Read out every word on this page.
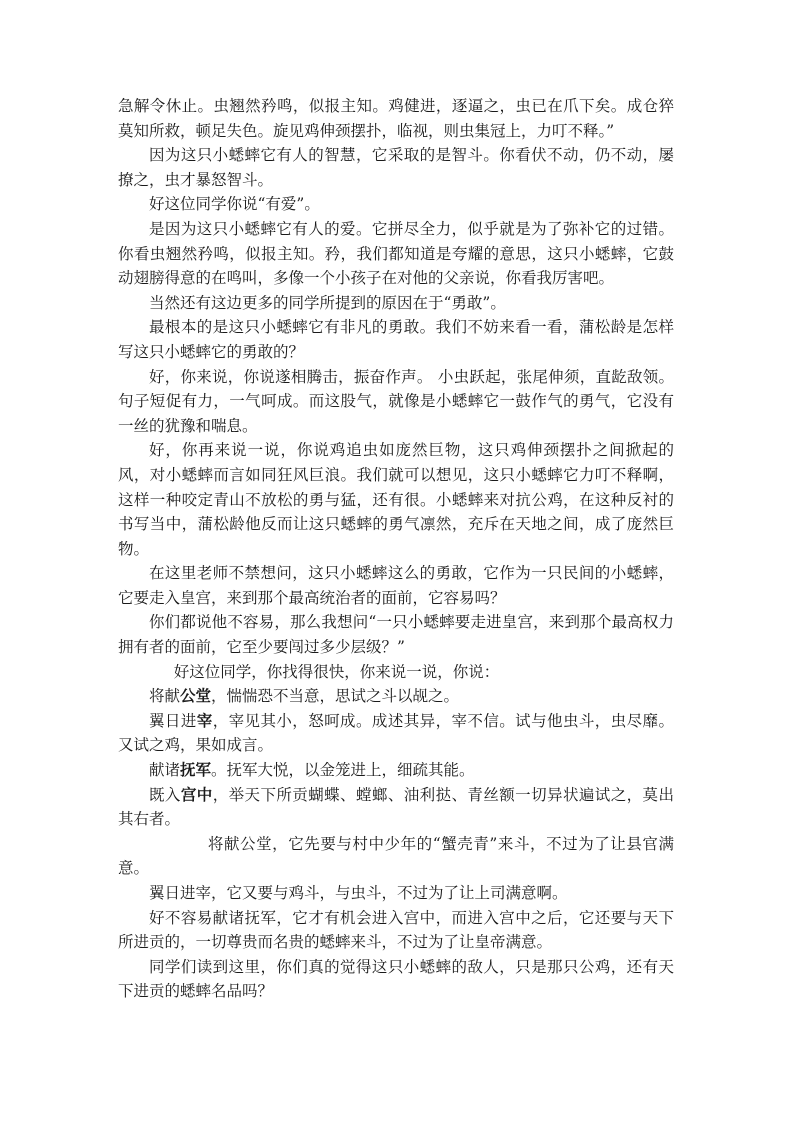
急解令休止。虫翘然矜鸣，似报主知。鸡健进，逐逼之，虫已在爪下矣。成仓猝莫知所救，顿足失色。旋见鸡伸颈摆扑，临视，则虫集冠上，力叮不释。”

因为这只小蟋蟀它有人的智慧，它采取的是智斗。你看伏不动，仍不动，屡撩之，虫才暴怒智斗。

好这位同学你说“有爱”。

是因为这只小蟋蟀它有人的爱。它拼尽全力，似乎就是为了弥补它的过错。你看虫翘然矜鸣，似报主知。矜，我们都知道是夸耀的意思，这只小蟋蟀，它鼓动翅膀得意的在鸣叫，多像一个小孩子在对他的父亲说，你看我厉害吧。

当然还有这边更多的同学所提到的原因在于“勇敢”。

最根本的是这只小蟋蟀它有非凡的勇敢。我们不妨来看一看，蒲松龄是怎样写这只小蟋蟀它的勇敢的？

好，你来说，你说遂相腾击，振奋作声。 小虫跃起，张尾伸须，直龁敌领。句子短促有力，一气呵成。而这股气，就像是小蟋蟀它一鼓作气的勇气，它没有一丝的犹豫和喘息。

好，你再来说一说，你说鸡追虫如庞然巨物，这只鸡伸颈摆扑之间掀起的风，对小蟋蟀而言如同狂风巨浪。我们就可以想见，这只小蟋蟀它力叮不释啊，这样一种咬定青山不放松的勇与猛，还有很。小蟋蟀来对抗公鸡，在这种反衬的书写当中，蒲松龄他反而让这只蟋蟀的勇气凛然，充斥在天地之间，成了庞然巨物。

在这里老师不禁想问，这只小蟋蟀这么的勇敢，它作为一只民间的小蟋蟀，它要走入皇宫，来到那个最高统治者的面前，它容易吗？

你们都说他不容易，那么我想问“一只小蟋蟀要走进皇宫，来到那个最高权力拥有者的面前，它至少要闯过多少层级？”

好这位同学，你找得很快，你来说一说，你说：

将献公堂，惴惴恐不当意，思试之斗以觇之。

翼日进宰，宰见其小，怒呵成。成述其异，宰不信。试与他虫斗，虫尽靡。又试之鸡，果如成言。

献诸抚军。抚军大悦，以金笼进上，细疏其能。

既入宫中，举天下所贡蝴蝶、螳螂、油利挞、青丝额一切异状遍试之，莫出其右者。

将献公堂，它先要与村中少年的“蟹壳青”来斗，不过为了让县官满意。

翼日进宰，它又要与鸡斗，与虫斗，不过为了让上司满意啊。

好不容易献诸抚军，它才有机会进入宫中，而进入宫中之后，它还要与天下所进贡的，一切尊贵而名贵的蟋蟀来斗，不过为了让皇帝满意。

同学们读到这里，你们真的觉得这只小蟋蟀的敌人，只是那只公鸡，还有天下进贡的蟋蟀名品吗？
